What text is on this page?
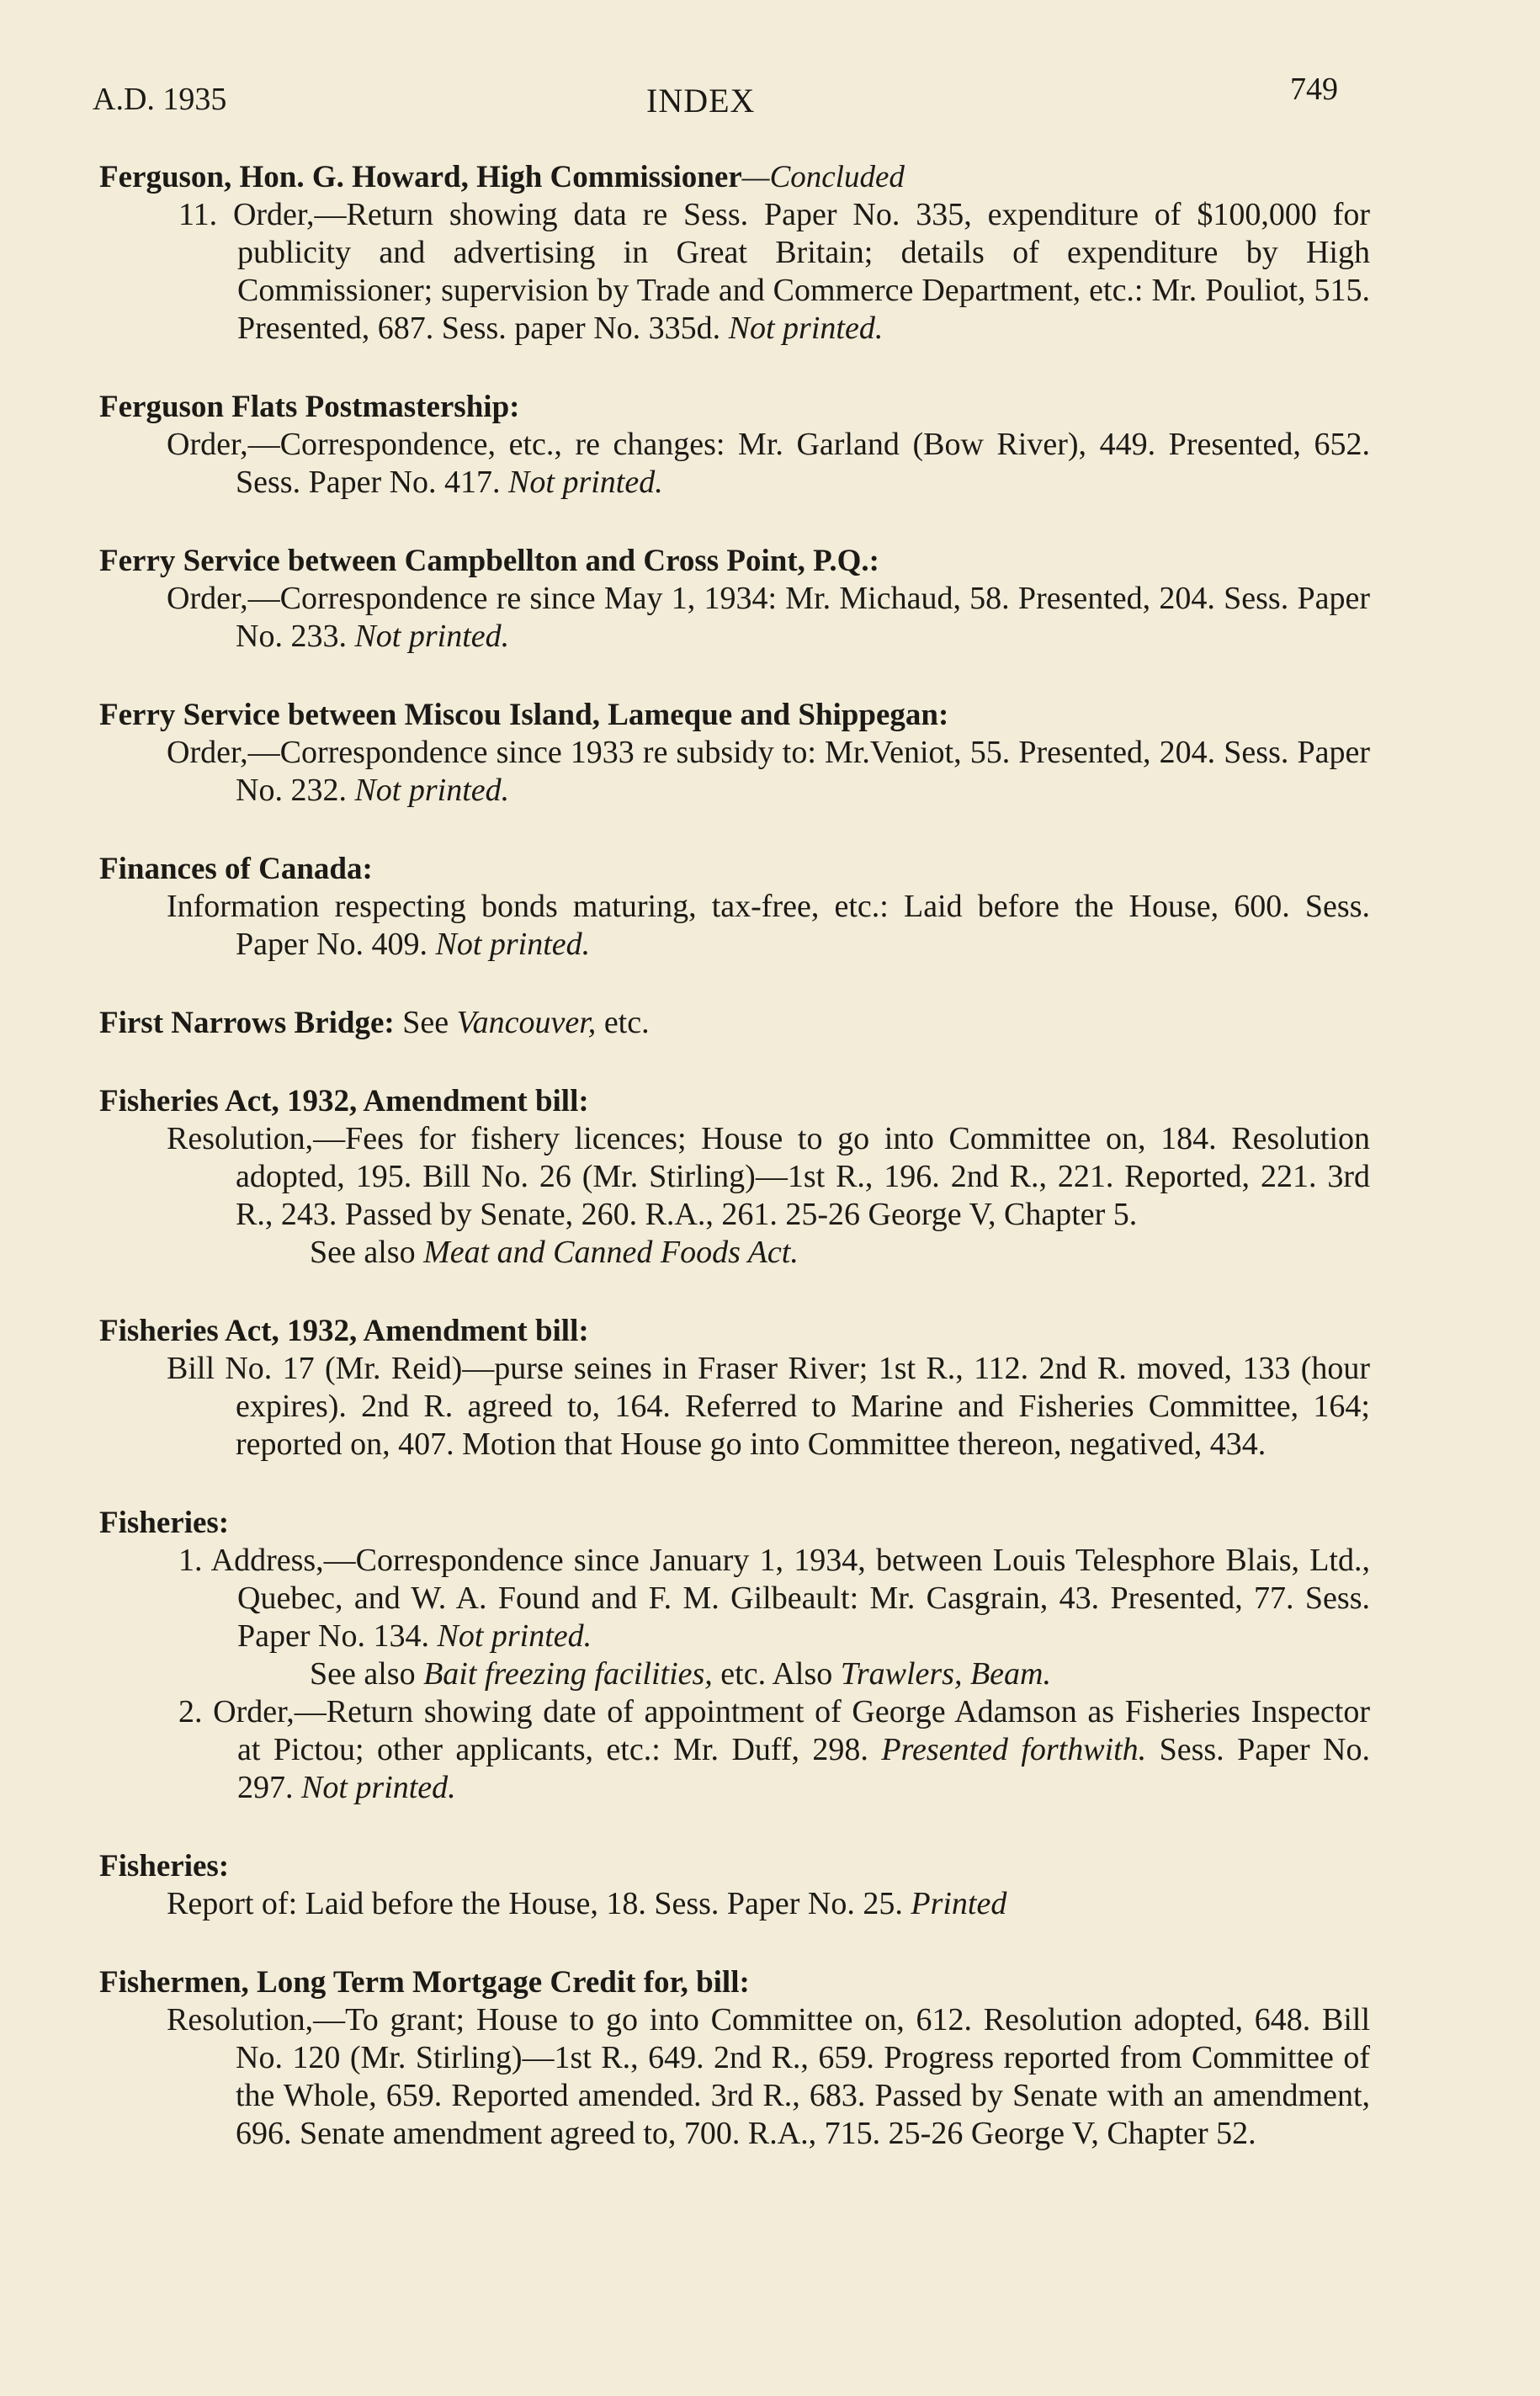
A.D. 1935	INDEX	749
Ferguson, Hon. G. Howard, High Commissioner—Concluded
11. Order,—Return showing data re Sess. Paper No. 335, expenditure of $100,000 for publicity and advertising in Great Britain; details of expenditure by High Commissioner; supervision by Trade and Commerce Department, etc.: Mr. Pouliot, 515. Presented, 687. Sess. paper No. 335d. Not printed.
Ferguson Flats Postmastership:
Order,—Correspondence, etc., re changes: Mr. Garland (Bow River), 449. Presented, 652. Sess. Paper No. 417. Not printed.
Ferry Service between Campbellton and Cross Point, P.Q.:
Order,—Correspondence re since May 1, 1934: Mr. Michaud, 58. Presented, 204. Sess. Paper No. 233. Not printed.
Ferry Service between Miscou Island, Lameque and Shippegan:
Order,—Correspondence since 1933 re subsidy to: Mr.Veniot, 55. Presented, 204. Sess. Paper No. 232. Not printed.
Finances of Canada:
Information respecting bonds maturing, tax-free, etc.: Laid before the House, 600. Sess. Paper No. 409. Not printed.
First Narrows Bridge: See Vancouver, etc.
Fisheries Act, 1932, Amendment bill:
Resolution,—Fees for fishery licences; House to go into Committee on, 184. Resolution adopted, 195. Bill No. 26 (Mr. Stirling)—1st R., 196. 2nd R., 221. Reported, 221. 3rd R., 243. Passed by Senate, 260. R.A., 261. 25-26 George V, Chapter 5.
See also Meat and Canned Foods Act.
Fisheries Act, 1932, Amendment bill:
Bill No. 17 (Mr. Reid)—purse seines in Fraser River; 1st R., 112. 2nd R. moved, 133 (hour expires). 2nd R. agreed to, 164. Referred to Marine and Fisheries Committee, 164; reported on, 407. Motion that House go into Committee thereon, negatived, 434.
Fisheries:
1. Address,—Correspondence since January 1, 1934, between Louis Telesphore Blais, Ltd., Quebec, and W. A. Found and F. M. Gilbeault: Mr. Casgrain, 43. Presented, 77. Sess. Paper No. 134. Not printed.
See also Bait freezing facilities, etc. Also Trawlers, Beam.
2. Order,—Return showing date of appointment of George Adamson as Fisheries Inspector at Pictou; other applicants, etc.: Mr. Duff, 298. Presented forthwith. Sess. Paper No. 297. Not printed.
Fisheries:
Report of: Laid before the House, 18. Sess. Paper No. 25. Printed
Fishermen, Long Term Mortgage Credit for, bill:
Resolution,—To grant; House to go into Committee on, 612. Resolution adopted, 648. Bill No. 120 (Mr. Stirling)—1st R., 649. 2nd R., 659. Progress reported from Committee of the Whole, 659. Reported amended. 3rd R., 683. Passed by Senate with an amendment, 696. Senate amendment agreed to, 700. R.A., 715. 25-26 George V, Chapter 52.
